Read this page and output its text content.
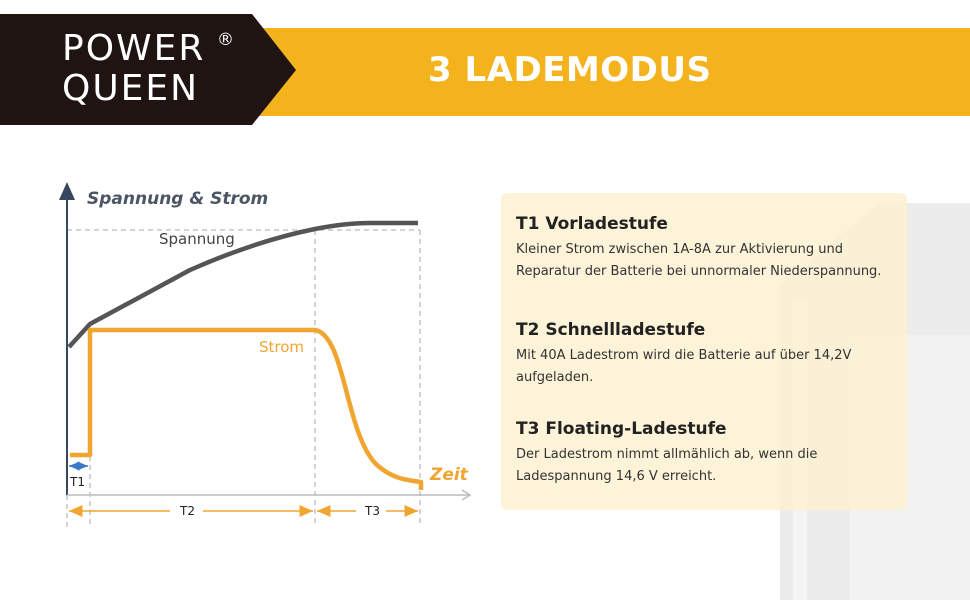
POWER
QUEEN
®
3 LADEMODUS
T1 Vorladestufe
Kleiner Strom zwischen 1A-8A zur Aktivierung und Reparatur der Batterie bei unnormaler Niederspannung.
T2 Schnellladestufe
Mit 40A Ladestrom wird die Batterie auf über 14,2V aufgeladen.
T3 Floating-Ladestufe
Der Ladestrom nimmt allmählich ab, wenn die Ladespannung 14,6 V erreicht.
Spannung & Strom
Spannung
Strom
Zeit
T1
T2	T3
